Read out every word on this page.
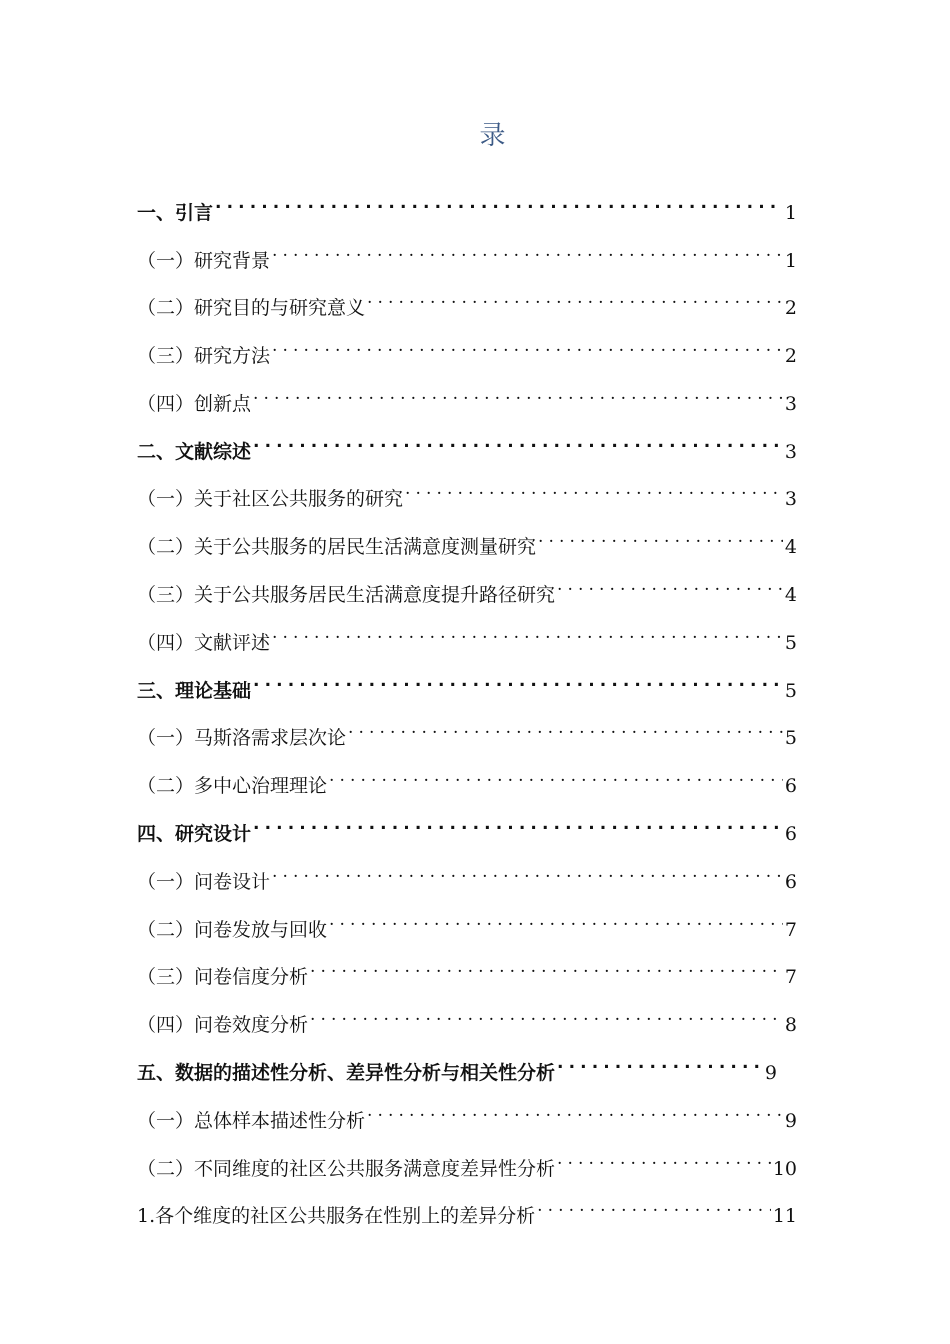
录
一、引言 .....	1
（一）研究背景 .....	1
（二）研究目的与研究意义 .....	2
（三）研究方法 .....	2
（四）创新点 .....	3
二、文献综述 .....	3
（一）关于社区公共服务的研究 .....	3
（二）关于公共服务的居民生活满意度测量研究 .....	4
（三）关于公共服务居民生活满意度提升路径研究 .....	4
（四）文献评述 .....	5
三、理论基础 .....	5
（一）马斯洛需求层次论 .....	5
（二）多中心治理理论 .....	6
四、研究设计 .....	6
（一）问卷设计 .....	6
（二）问卷发放与回收 .....	7
（三）问卷信度分析 .....	7
（四）问卷效度分析 .....	8
五、数据的描述性分析、差异性分析与相关性分析 .....	9
（一）总体样本描述性分析 .....	9
（二）不同维度的社区公共服务满意度差异性分析 .....	10
1.各个维度的社区公共服务在性别上的差异分析 .....	11
